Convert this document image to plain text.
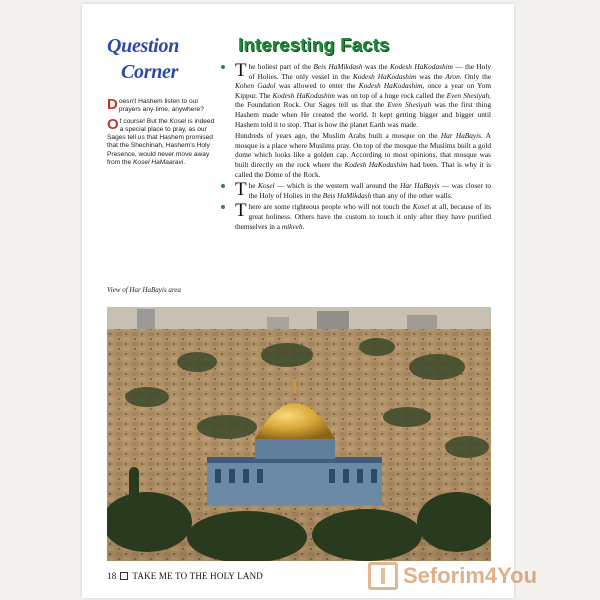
Question
Corner

Doesn't Hashem listen to our prayers any-time, anywhere?

Of course! But the Kosel is indeed a special place to pray, as our Sages tell us that Hashem promised that the Shechinah, Hashem's Holy Presence, would never move away from the Kosel HaMaaravi.

View of Har HaBayis area
Interesting Facts

The holiest part of the Beis HaMikdash was the Kodesh HaKodashim — the Holy of Holies. The only vessel in the Kodesh HaKodashim was the Aron. Only the Kohen Gadol was allowed to enter the Kodesh HaKodashim, once a year on Yom Kippur. The Kodesh HaKodashim was on top of a huge rock called the Even Shesiyah, the Foundation Rock. Our Sages tell us that the Even Shesiyah was the first thing Hashem made when He created the world. It kept getting bigger and bigger until Hashem told it to stop. That is how the planet Earth was made.

Hundreds of years ago, the Muslim Arabs built a mosque on the Har HaBayis. A mosque is a place where Muslims pray. On top of the mosque the Muslims built a gold dome which looks like a golden cap. According to most opinions, that mosque was built directly on the rock where the Kodesh HaKodashim had been. That is why it is called the Dome of the Rock.

The Kosel — which is the western wall around the Har HaBayis — was closer to the Holy of Holies in the Beis HaMikdash than any of the other walls.

There are some righteous people who will not touch the Kosel at all, because of its great holiness. Others have the custom to touch it only after they have purified themselves in a mikveh.

18 TAKE ME TO THE HOLY LAND	Seforim4You
